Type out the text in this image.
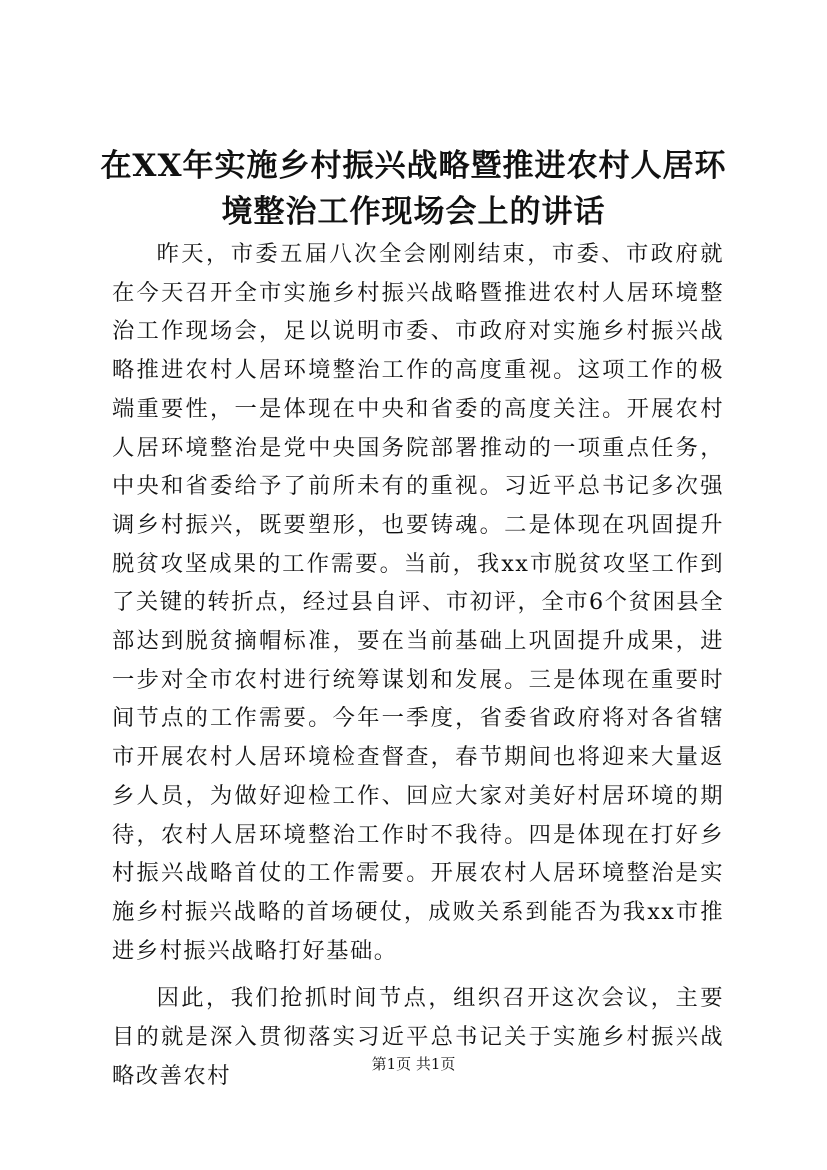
在XX年实施乡村振兴战略暨推进农村人居环境整治工作现场会上的讲话

昨天，市委五届八次全会刚刚结束，市委、市政府就在今天召开全市实施乡村振兴战略暨推进农村人居环境整治工作现场会，足以说明市委、市政府对实施乡村振兴战略推进农村人居环境整治工作的高度重视。这项工作的极端重要性，一是体现在中央和省委的高度关注。开展农村人居环境整治是党中央国务院部署推动的一项重点任务，中央和省委给予了前所未有的重视。习近平总书记多次强调乡村振兴，既要塑形，也要铸魂。二是体现在巩固提升脱贫攻坚成果的工作需要。当前，我xx市脱贫攻坚工作到了关键的转折点，经过县自评、市初评，全市6个贫困县全部达到脱贫摘帽标准，要在当前基础上巩固提升成果，进一步对全市农村进行统筹谋划和发展。三是体现在重要时间节点的工作需要。今年一季度，省委省政府将对各省辖市开展农村人居环境检查督查，春节期间也将迎来大量返乡人员，为做好迎检工作、回应大家对美好村居环境的期待，农村人居环境整治工作时不我待。四是体现在打好乡村振兴战略首仗的工作需要。开展农村人居环境整治是实施乡村振兴战略的首场硬仗，成败关系到能否为我xx市推进乡村振兴战略打好基础。

因此，我们抢抓时间节点，组织召开这次会议，主要目的就是深入贯彻落实习近平总书记关于实施乡村振兴战略改善农村	第1页 共1页
